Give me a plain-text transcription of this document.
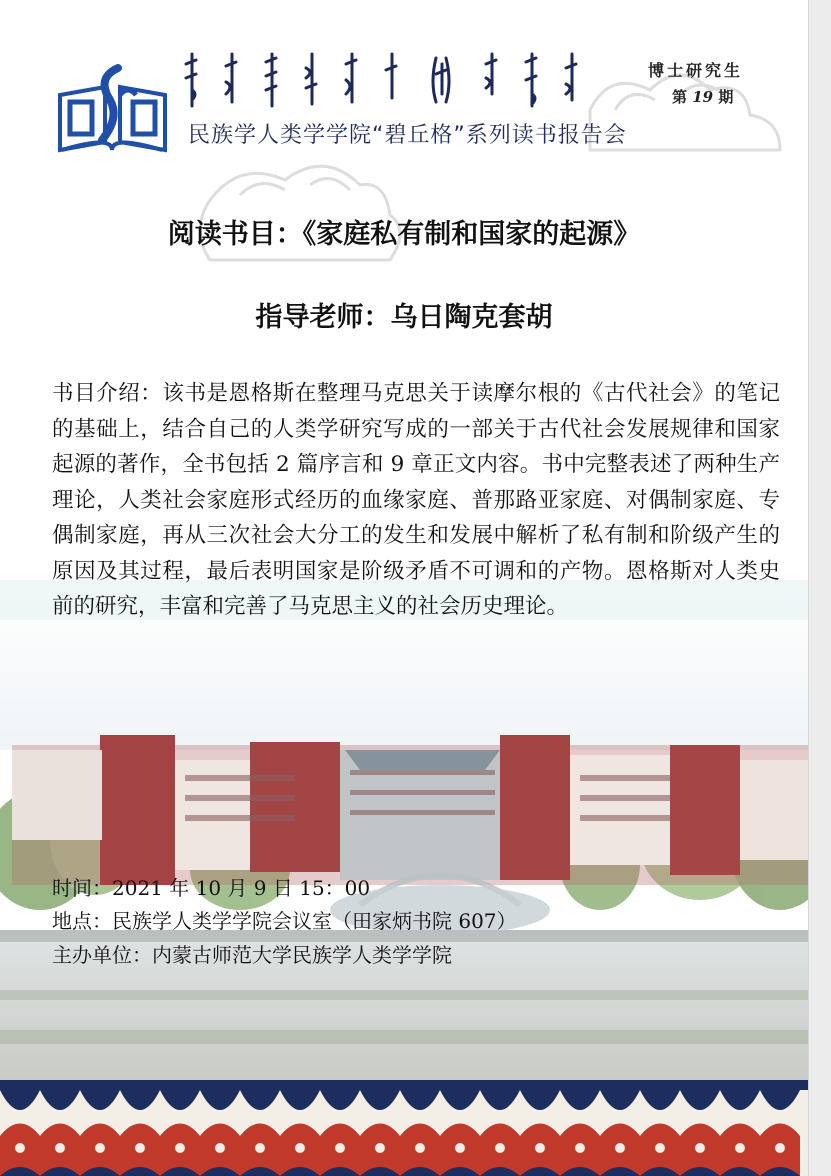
民族学人类学学院“碧丘格”系列读书报告会
博士研究生
第 19 期
阅读书目：《家庭私有制和国家的起源》
指导老师：乌日陶克套胡
书目介绍：该书是恩格斯在整理马克思关于读摩尔根的《古代社会》的笔记的基础上，结合自己的人类学研究写成的一部关于古代社会发展规律和国家起源的著作，全书包括 2 篇序言和 9 章正文内容。书中完整表述了两种生产理论，人类社会家庭形式经历的血缘家庭、普那路亚家庭、对偶制家庭、专偶制家庭，再从三次社会大分工的发生和发展中解析了私有制和阶级产生的原因及其过程，最后表明国家是阶级矛盾不可调和的产物。恩格斯对人类史前的研究，丰富和完善了马克思主义的社会历史理论。
时间：2021 年 10 月 9 日 15：00
地点：民族学人类学学院会议室（田家炳书院 607）
主办单位：内蒙古师范大学民族学人类学学院
